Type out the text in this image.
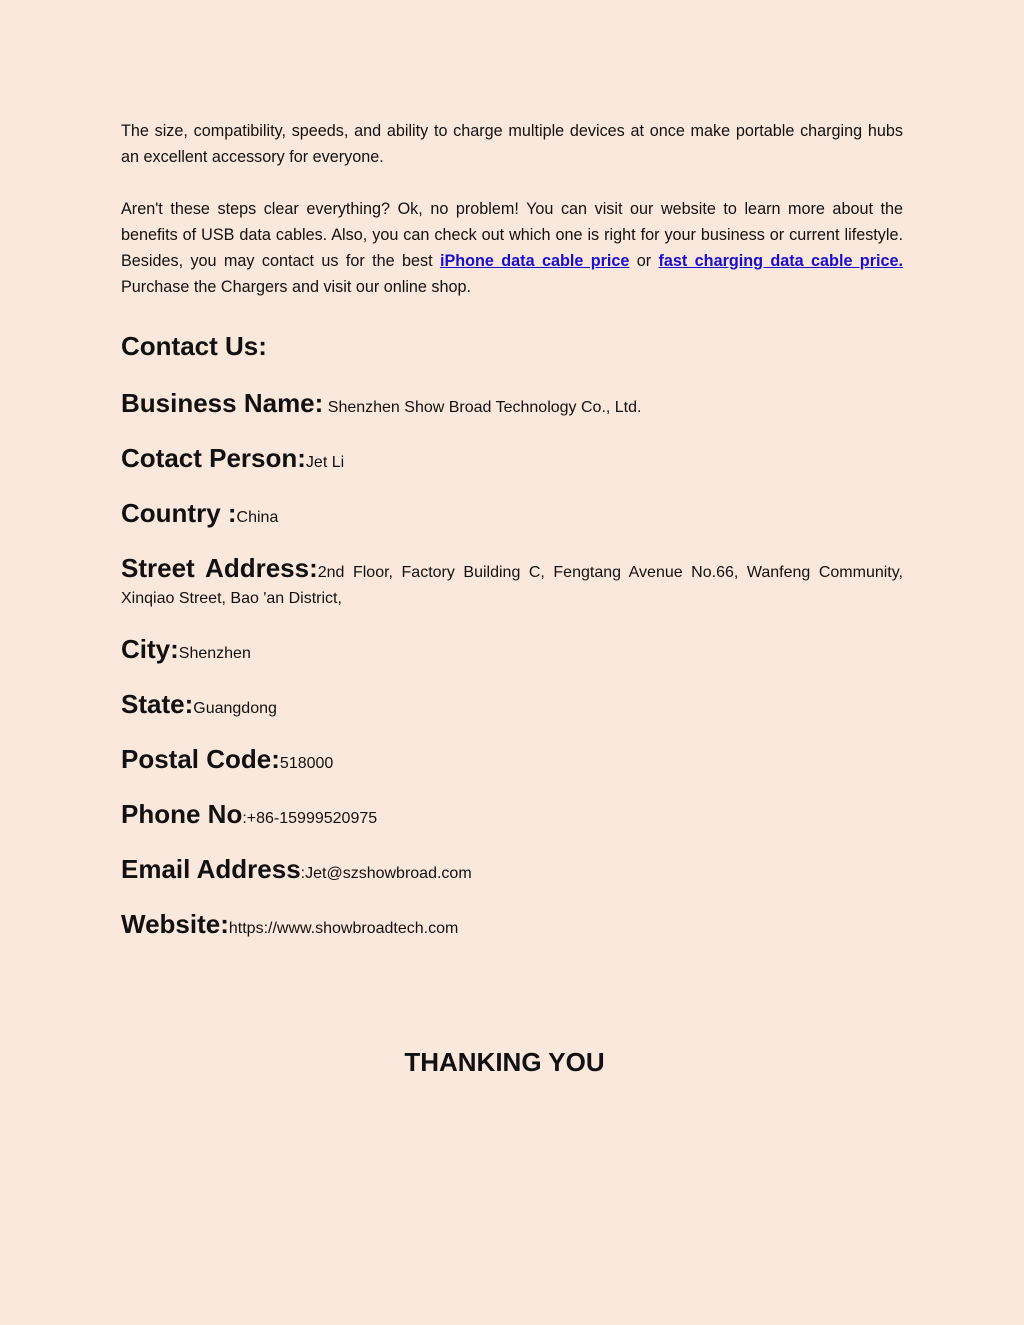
The size, compatibility, speeds, and ability to charge multiple devices at once make portable charging hubs an excellent accessory for everyone.

Aren't these steps clear everything? Ok, no problem! You can visit our website to learn more about the benefits of USB data cables. Also, you can check out which one is right for your business or current lifestyle. Besides, you may contact us for the best iPhone data cable price or fast charging data cable price. Purchase the Chargers and visit our online shop.

Contact Us:
Business Name: Shenzhen Show Broad Technology Co., Ltd.
Cotact Person:Jet Li
Country :China
Street Address:2nd Floor, Factory Building C, Fengtang Avenue No.66, Wanfeng Community, Xinqiao Street, Bao 'an District,
City:Shenzhen
State:Guangdong
Postal Code:518000
Phone No:+86-15999520975
Email Address:Jet@szshowbroad.com
Website:https://www.showbroadtech.com
THANKING YOU
